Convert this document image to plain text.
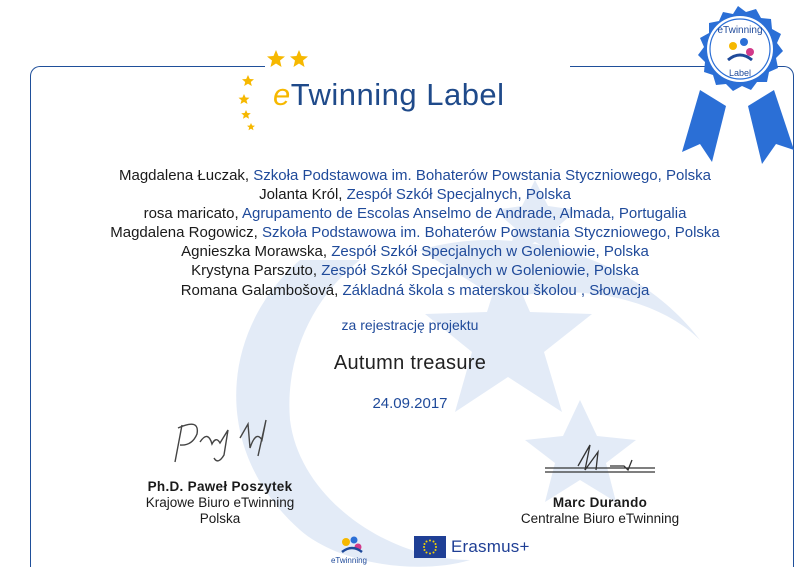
eTwinning Label
eTwinning
Label
Magdalena Łuczak, Szkoła Podstawowa im. Bohaterów Powstania Styczniowego, Polska
Jolanta Król, Zespół Szkół Specjalnych, Polska
rosa maricato, Agrupamento de Escolas Anselmo de Andrade, Almada, Portugalia
Magdalena Rogowicz, Szkoła Podstawowa im. Bohaterów Powstania Styczniowego, Polska
Agnieszka Morawska, Zespół Szkół Specjalnych w Goleniowie, Polska
Krystyna Parszuto, Zespół Szkół Specjalnych w Goleniowie, Polska
Romana Galambošová, Základná škola s materskou školou , Słowacja
za rejestrację projektu
Autumn treasure
24.09.2017
Ph.D. Paweł Poszytek
Krajowe Biuro eTwinning
Polska
Marc Durando
Centralne Biuro eTwinning
eTwinning
Erasmus+
